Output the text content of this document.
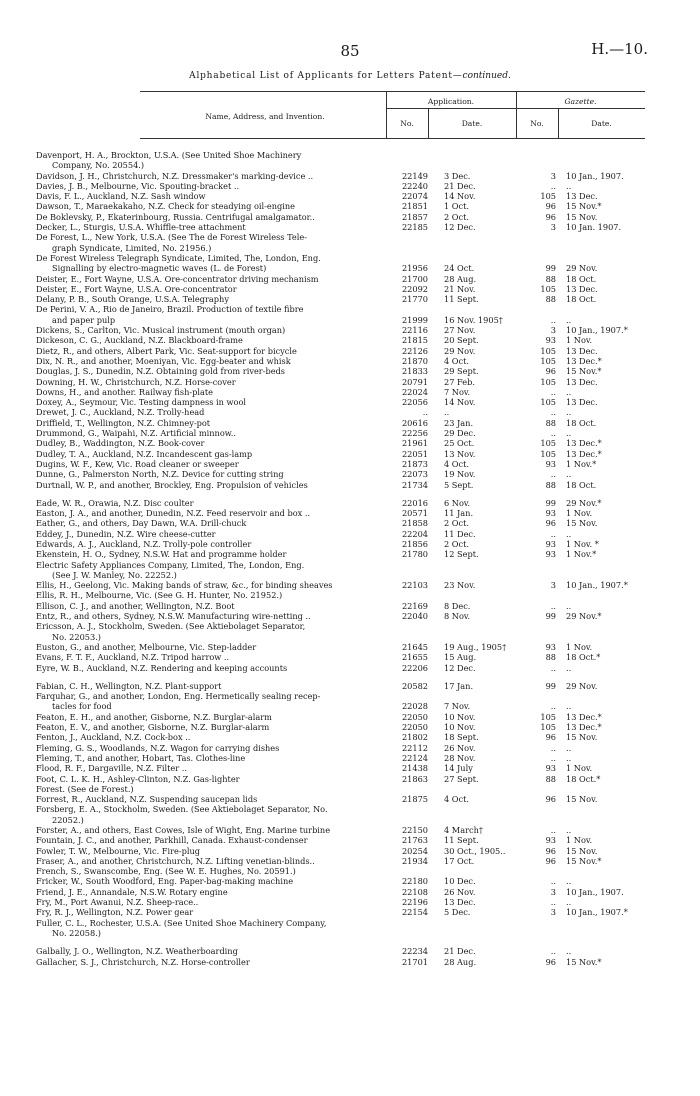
85	H.—10.
Alphabetical List of Applicants for Letters Patent—continued.
Name, Address, and Invention.
Application.	Gazette.
No.	Date.	No.	Date.
Davenport, H. A., Brockton, U.S.A. (See United Shoe Machinery
Company, No. 20554.)
Davidson, J. H., Christchurch, N.Z. Dressmaker's marking-device ..	22149 3 Dec.	3 10 Jan., 1907.
Davies, J. B., Melbourne, Vic. Spouting-bracket ..	22240 21 Dec.	.. ..
Davis, F. L., Auckland, N.Z. Sash window	22074 14 Nov.	105 13 Dec.
Dawson, T., Maraekakaho, N.Z. Check for steadying oil-engine	21851 1 Oct.	96 15 Nov.*
De Boklevsky, P., Ekaterinbourg, Russia. Centrifugal amalgamator..	21857 2 Oct.	96 15 Nov.
Decker, L., Sturgis, U.S.A. Whiffle-tree attachment	22185 12 Dec.	3 10 Jan. 1907.
De Forest, L., New York, U.S.A. (See The de Forest Wireless Tele-
graph Syndicate, Limited, No. 21956.)
De Forest Wireless Telegraph Syndicate, Limited, The, London, Eng.
21956 24 Oct.	99 29 Nov.
Signalling by electro-magnetic waves (L. de Forest)
Deister, E., Fort Wayne, U.S.A. Ore-concentrator driving mechanism	21700 28 Aug.	88 18 Oct.
Deister, E., Fort Wayne, U.S.A. Ore-concentrator	22092 21 Nov.	105 13 Dec.
Delany, P. B., South Orange, U.S.A. Telegraphy	21770 11 Sept.	88 18 Oct.
De Perini, V. A., Rio de Janeiro, Brazil. Production of textile fibre
21999 16 Nov. 1905†	.. ..
and paper pulp
Dickens, S., Carlton, Vic. Musical instrument (mouth organ)	22116 27 Nov.	3 10 Jan., 1907.*
Dickeson, C. G., Auckland, N.Z. Blackboard-frame	21815 20 Sept.	93 1 Nov.
Dietz, R., and others, Albert Park, Vic. Seat-support for bicycle	22126 29 Nov.	105 13 Dec.
Dix, N. R., and another, Moeniyan, Vic. Egg-beater and whisk	21870 4 Oct.	105 13 Dec.*
Douglas, J. S., Dunedin, N.Z. Obtaining gold from river-beds	21833 29 Sept.	96 15 Nov.*
Downing, H. W., Christchurch, N.Z. Horse-cover	20791 27 Feb.	105 13 Dec.
Downs, H., and another. Railway fish-plate	22024 7 Nov.	.. ..
Doxey, A., Seymour, Vic. Testing dampness in wool	22056 14 Nov.	105 13 Dec.
Drewet, J. C., Auckland, N.Z. Trolly-head	.. ..	.. ..
Driffield, T., Wellington, N.Z. Chimney-pot	20616 23 Jan.	88 18 Oct.
Drummond, G., Waipahi, N.Z. Artificial minnow..	22256 29 Dec.	.. ..
Dudley, B., Waddington, N.Z. Book-cover	21961 25 Oct.	105 13 Dec.*
Dudley, T. A., Auckland, N.Z. Incandescent gas-lamp	22051 13 Nov.	105 13 Dec.*
Dugins, W. F., Kew, Vic. Road cleaner or sweeper	21873 4 Oct.	93 1 Nov.*
Dunne, G., Palmerston North, N.Z. Device for cutting string	22073 19 Nov.	.. ..
Durtnall, W. P., and another, Brockley, Eng. Propulsion of vehicles	21734 5 Sept.	88 18 Oct.
Eade, W. R., Orawia, N.Z. Disc coulter	22016 6 Nov.	99 29 Nov.*
Easton, J. A., and another, Dunedin, N.Z. Feed reservoir and box ..	20571 11 Jan.	93 1 Nov.
Eather, G., and others, Day Dawn, W.A. Drill-chuck	21858 2 Oct.	96 15 Nov.
Eddey, J., Dunedin, N.Z. Wire cheese-cutter	22204 11 Dec.	.. ..
Edwards, A. J., Auckland, N.Z. Trolly-pole controller	21856 2 Oct.	93 1 Nov. *
Ekenstein, H. O., Sydney, N.S.W. Hat and programme holder	21780 12 Sept.	93 1 Nov.*
Electric Safety Appliances Company, Limited, The, London, Eng.
(See J. W. Manley, No. 22252.)
Ellis, H., Geelong, Vic. Making bands of straw, &c., for binding sheaves	22103 23 Nov.	3 10 Jan., 1907.*
Ellis, R. H., Melbourne, Vic. (See G. H. Hunter, No. 21952.)
Ellison, C. J., and another, Wellington, N.Z. Boot	22169 8 Dec.	.. ..
Entz, R., and others, Sydney, N.S.W. Manufacturing wire-netting ..	22040 8 Nov.	99 29 Nov.*
Ericsson, A. J., Stockholm, Sweden. (See Aktiebolaget Separator,
No. 22053.)
Euston, G., and another, Melbourne, Vic. Step-ladder	21645 19 Aug., 1905†	93 1 Nov.
Evans, F. T. F., Auckland, N.Z. Tripod harrow ..	21655 15 Aug.	88 18 Oct.*
Eyre, W. B., Auckland, N.Z. Rendering and keeping accounts	22206 12 Dec.	.. ..
Fabian, C. H., Wellington, N.Z. Plant-support	20582 17 Jan.	99 29 Nov.
Farquhar, G., and another, London, Eng. Hermetically sealing recep-
22028 7 Nov.	.. ..
tacles for food
Featon, E. H., and another, Gisborne, N.Z. Burglar-alarm	22050 10 Nov.	105 13 Dec.*
Featon, E. V., and another, Gisborne, N.Z. Burglar-alarm	22050 10 Nov.	105 13 Dec.*
Fenton, J., Auckland, N.Z. Cock-box ..	21802 18 Sept.	96 15 Nov.
Fleming, G. S., Woodlands, N.Z. Wagon for carrying dishes	22112 26 Nov.	.. ..
Fleming, T., and another, Hobart, Tas. Clothes-line	22124 28 Nov.	.. ..
Flood, R. F., Dargaville, N.Z. Filter ..	21438 14 July	93 1 Nov.
Foot, C. L. K. H., Ashley-Clinton, N.Z. Gas-lighter	21863 27 Sept.	88 18 Oct.*
Forest. (See de Forest.)
Forrest, R., Auckland, N.Z. Suspending saucepan lids	21875 4 Oct.	96 15 Nov.
Forsberg, E. A., Stockholm, Sweden. (See Aktiebolaget Separator, No.
22052.)
Forster, A., and others, East Cowes, Isle of Wight, Eng. Marine turbine	22150 4 March†	.. ..
Fountain, J. C., and another, Parkhill, Canada. Exhaust-condenser	21763 11 Sept.	93 1 Nov.
Fowler, T. W., Melbourne, Vic. Fire-plug	20254 30 Oct., 1905..	96 15 Nov.
Fraser, A., and another, Christchurch, N.Z. Lifting venetian-blinds..	21934 17 Oct.	96 15 Nov.*
French, S., Swanscombe, Eng. (See W. E. Hughes, No. 20591.)
Fricker, W., South Woodford, Eng. Paper-bag-making machine	22180 10 Dec.	.. ..
Friend, J. E., Annandale, N.S.W. Rotary engine	22108 26 Nov.	3 10 Jan., 1907.
Fry, M., Port Awanui, N.Z. Sheep-race..	22196 13 Dec.	.. ..
Fry, R. J., Wellington, N.Z. Power gear	22154 5 Dec.	3 10 Jan., 1907.*
Fuller, C. L., Rochester, U.S.A. (See United Shoe Machinery Company,
No. 22058.)
Galbally, J. O., Wellington, N.Z. Weatherboarding	22234 21 Dec.	.. ..
Gallacher, S. J., Christchurch, N.Z. Horse-controller	21701 28 Aug.	96 15 Nov.*
